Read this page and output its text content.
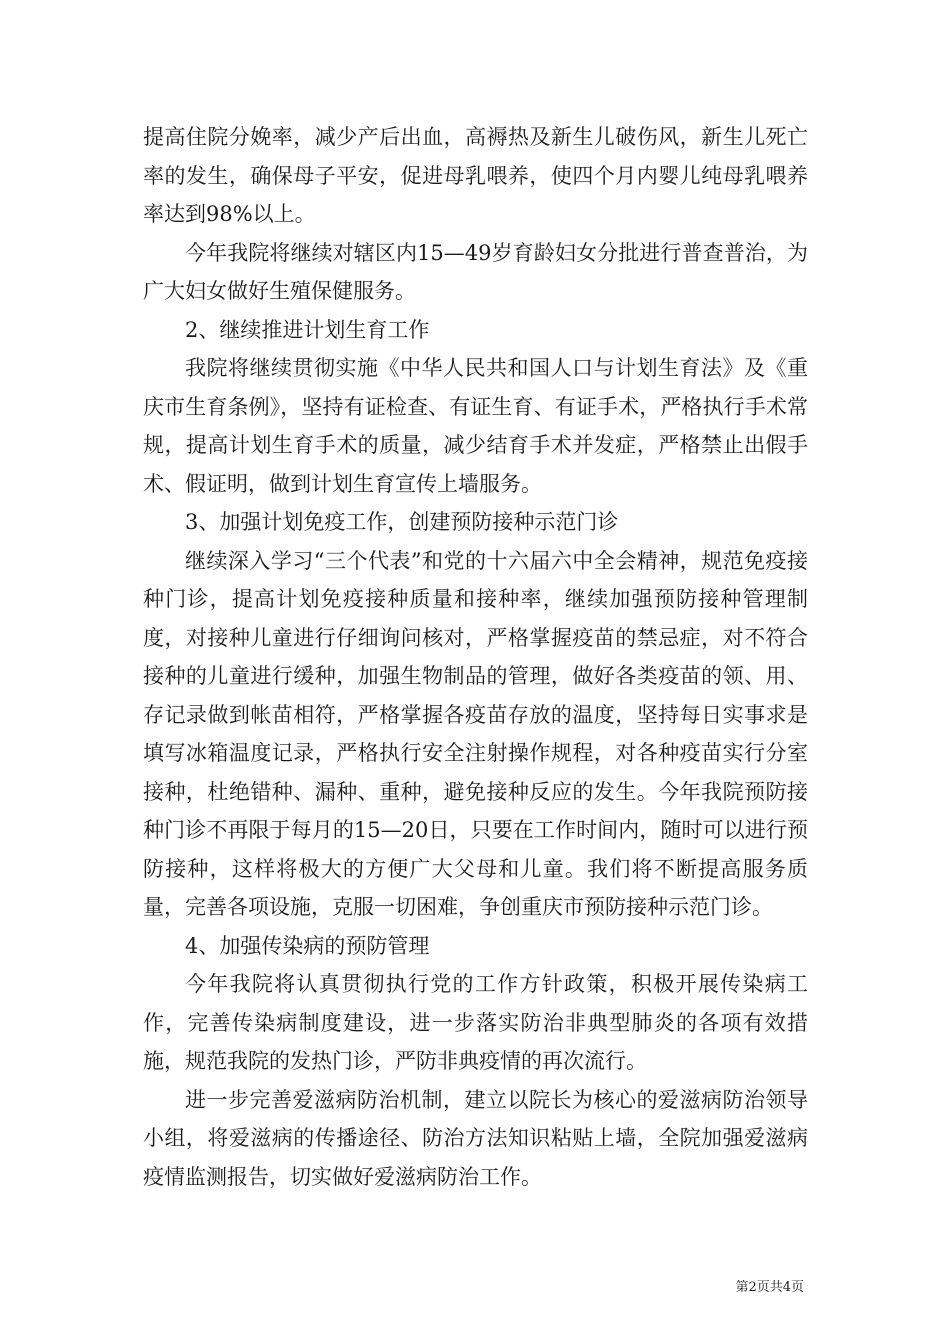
提高住院分娩率，减少产后出血，高褥热及新生儿破伤风，新生儿死亡率的发生，确保母子平安，促进母乳喂养，使四个月内婴儿纯母乳喂养率达到98%以上。

今年我院将继续对辖区内15—49岁育龄妇女分批进行普查普治，为广大妇女做好生殖保健服务。

2、继续推进计划生育工作

我院将继续贯彻实施《中华人民共和国人口与计划生育法》及《重庆市生育条例》，坚持有证检查、有证生育、有证手术，严格执行手术常规，提高计划生育手术的质量，减少结育手术并发症，严格禁止出假手术、假证明，做到计划生育宣传上墙服务。

3、加强计划免疫工作，创建预防接种示范门诊

继续深入学习“三个代表”和党的十六届六中全会精神，规范免疫接种门诊，提高计划免疫接种质量和接种率，继续加强预防接种管理制度，对接种儿童进行仔细询问核对，严格掌握疫苗的禁忌症，对不符合接种的儿童进行缓种，加强生物制品的管理，做好各类疫苗的领、用、存记录做到帐苗相符，严格掌握各疫苗存放的温度，坚持每日实事求是填写冰箱温度记录，严格执行安全注射操作规程，对各种疫苗实行分室接种，杜绝错种、漏种、重种，避免接种反应的发生。今年我院预防接种门诊不再限于每月的15—20日，只要在工作时间内，随时可以进行预防接种，这样将极大的方便广大父母和儿童。我们将不断提高服务质量，完善各项设施，克服一切困难，争创重庆市预防接种示范门诊。

4、加强传染病的预防管理

今年我院将认真贯彻执行党的工作方针政策，积极开展传染病工作，完善传染病制度建设，进一步落实防治非典型肺炎的各项有效措施，规范我院的发热门诊，严防非典疫情的再次流行。

进一步完善爱滋病防治机制，建立以院长为核心的爱滋病防治领导小组，将爱滋病的传播途径、防治方法知识粘贴上墙，全院加强爱滋病疫情监测报告，切实做好爱滋病防治工作。

第2页共4页
